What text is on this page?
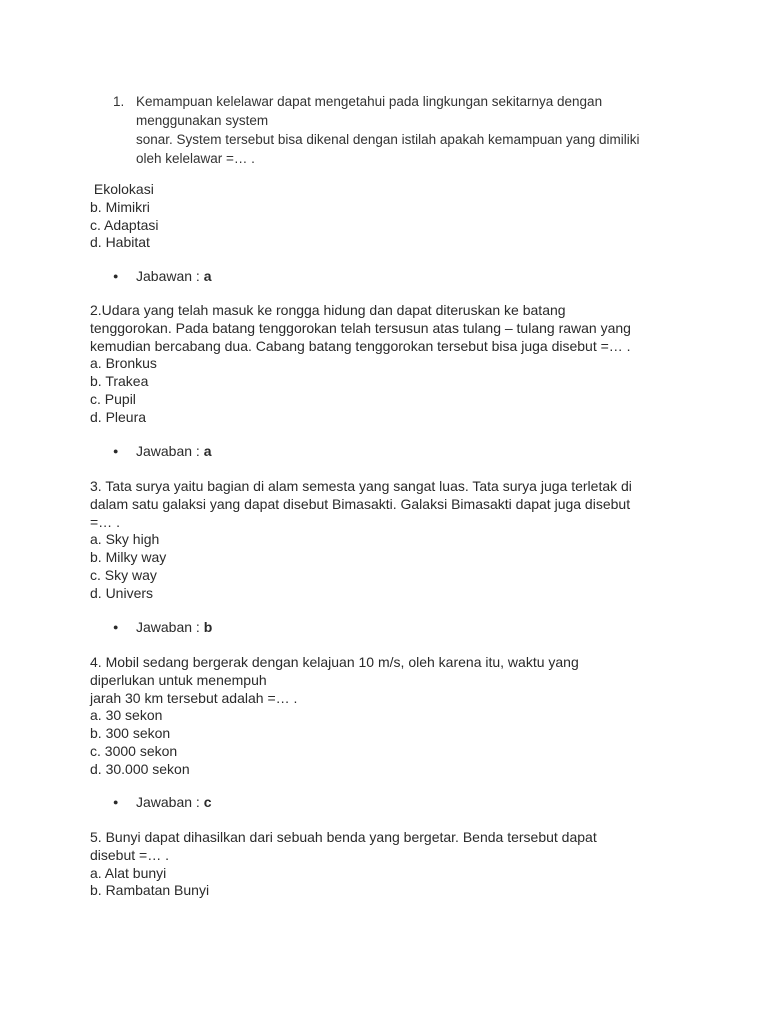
1. Kemampuan kelelawar dapat mengetahui pada lingkungan sekitarnya dengan
menggunakan system
sonar. System tersebut bisa dikenal dengan istilah apakah kemampuan yang dimiliki
oleh kelelawar =… .
Ekolokasi
b. Mimikri
c. Adaptasi
d. Habitat
● Jabawan : a
2.Udara yang telah masuk ke rongga hidung dan dapat diteruskan ke batang
tenggorokan. Pada batang tenggorokan telah tersusun atas tulang – tulang rawan yang
kemudian bercabang dua. Cabang batang tenggorokan tersebut bisa juga disebut =… .
a. Bronkus
b. Trakea
c. Pupil
d. Pleura
● Jawaban : a
3. Tata surya yaitu bagian di alam semesta yang sangat luas. Tata surya juga terletak di
dalam satu galaksi yang dapat disebut Bimasakti. Galaksi Bimasakti dapat juga disebut
=… .
a. Sky high
b. Milky way
c. Sky way
d. Univers
● Jawaban : b
4. Mobil sedang bergerak dengan kelajuan 10 m/s, oleh karena itu, waktu yang
diperlukan untuk menempuh
jarah 30 km tersebut adalah =… .
a. 30 sekon
b. 300 sekon
c. 3000 sekon
d. 30.000 sekon
● Jawaban : c
5. Bunyi dapat dihasilkan dari sebuah benda yang bergetar. Benda tersebut dapat
disebut =… .
a. Alat bunyi
b. Rambatan Bunyi
